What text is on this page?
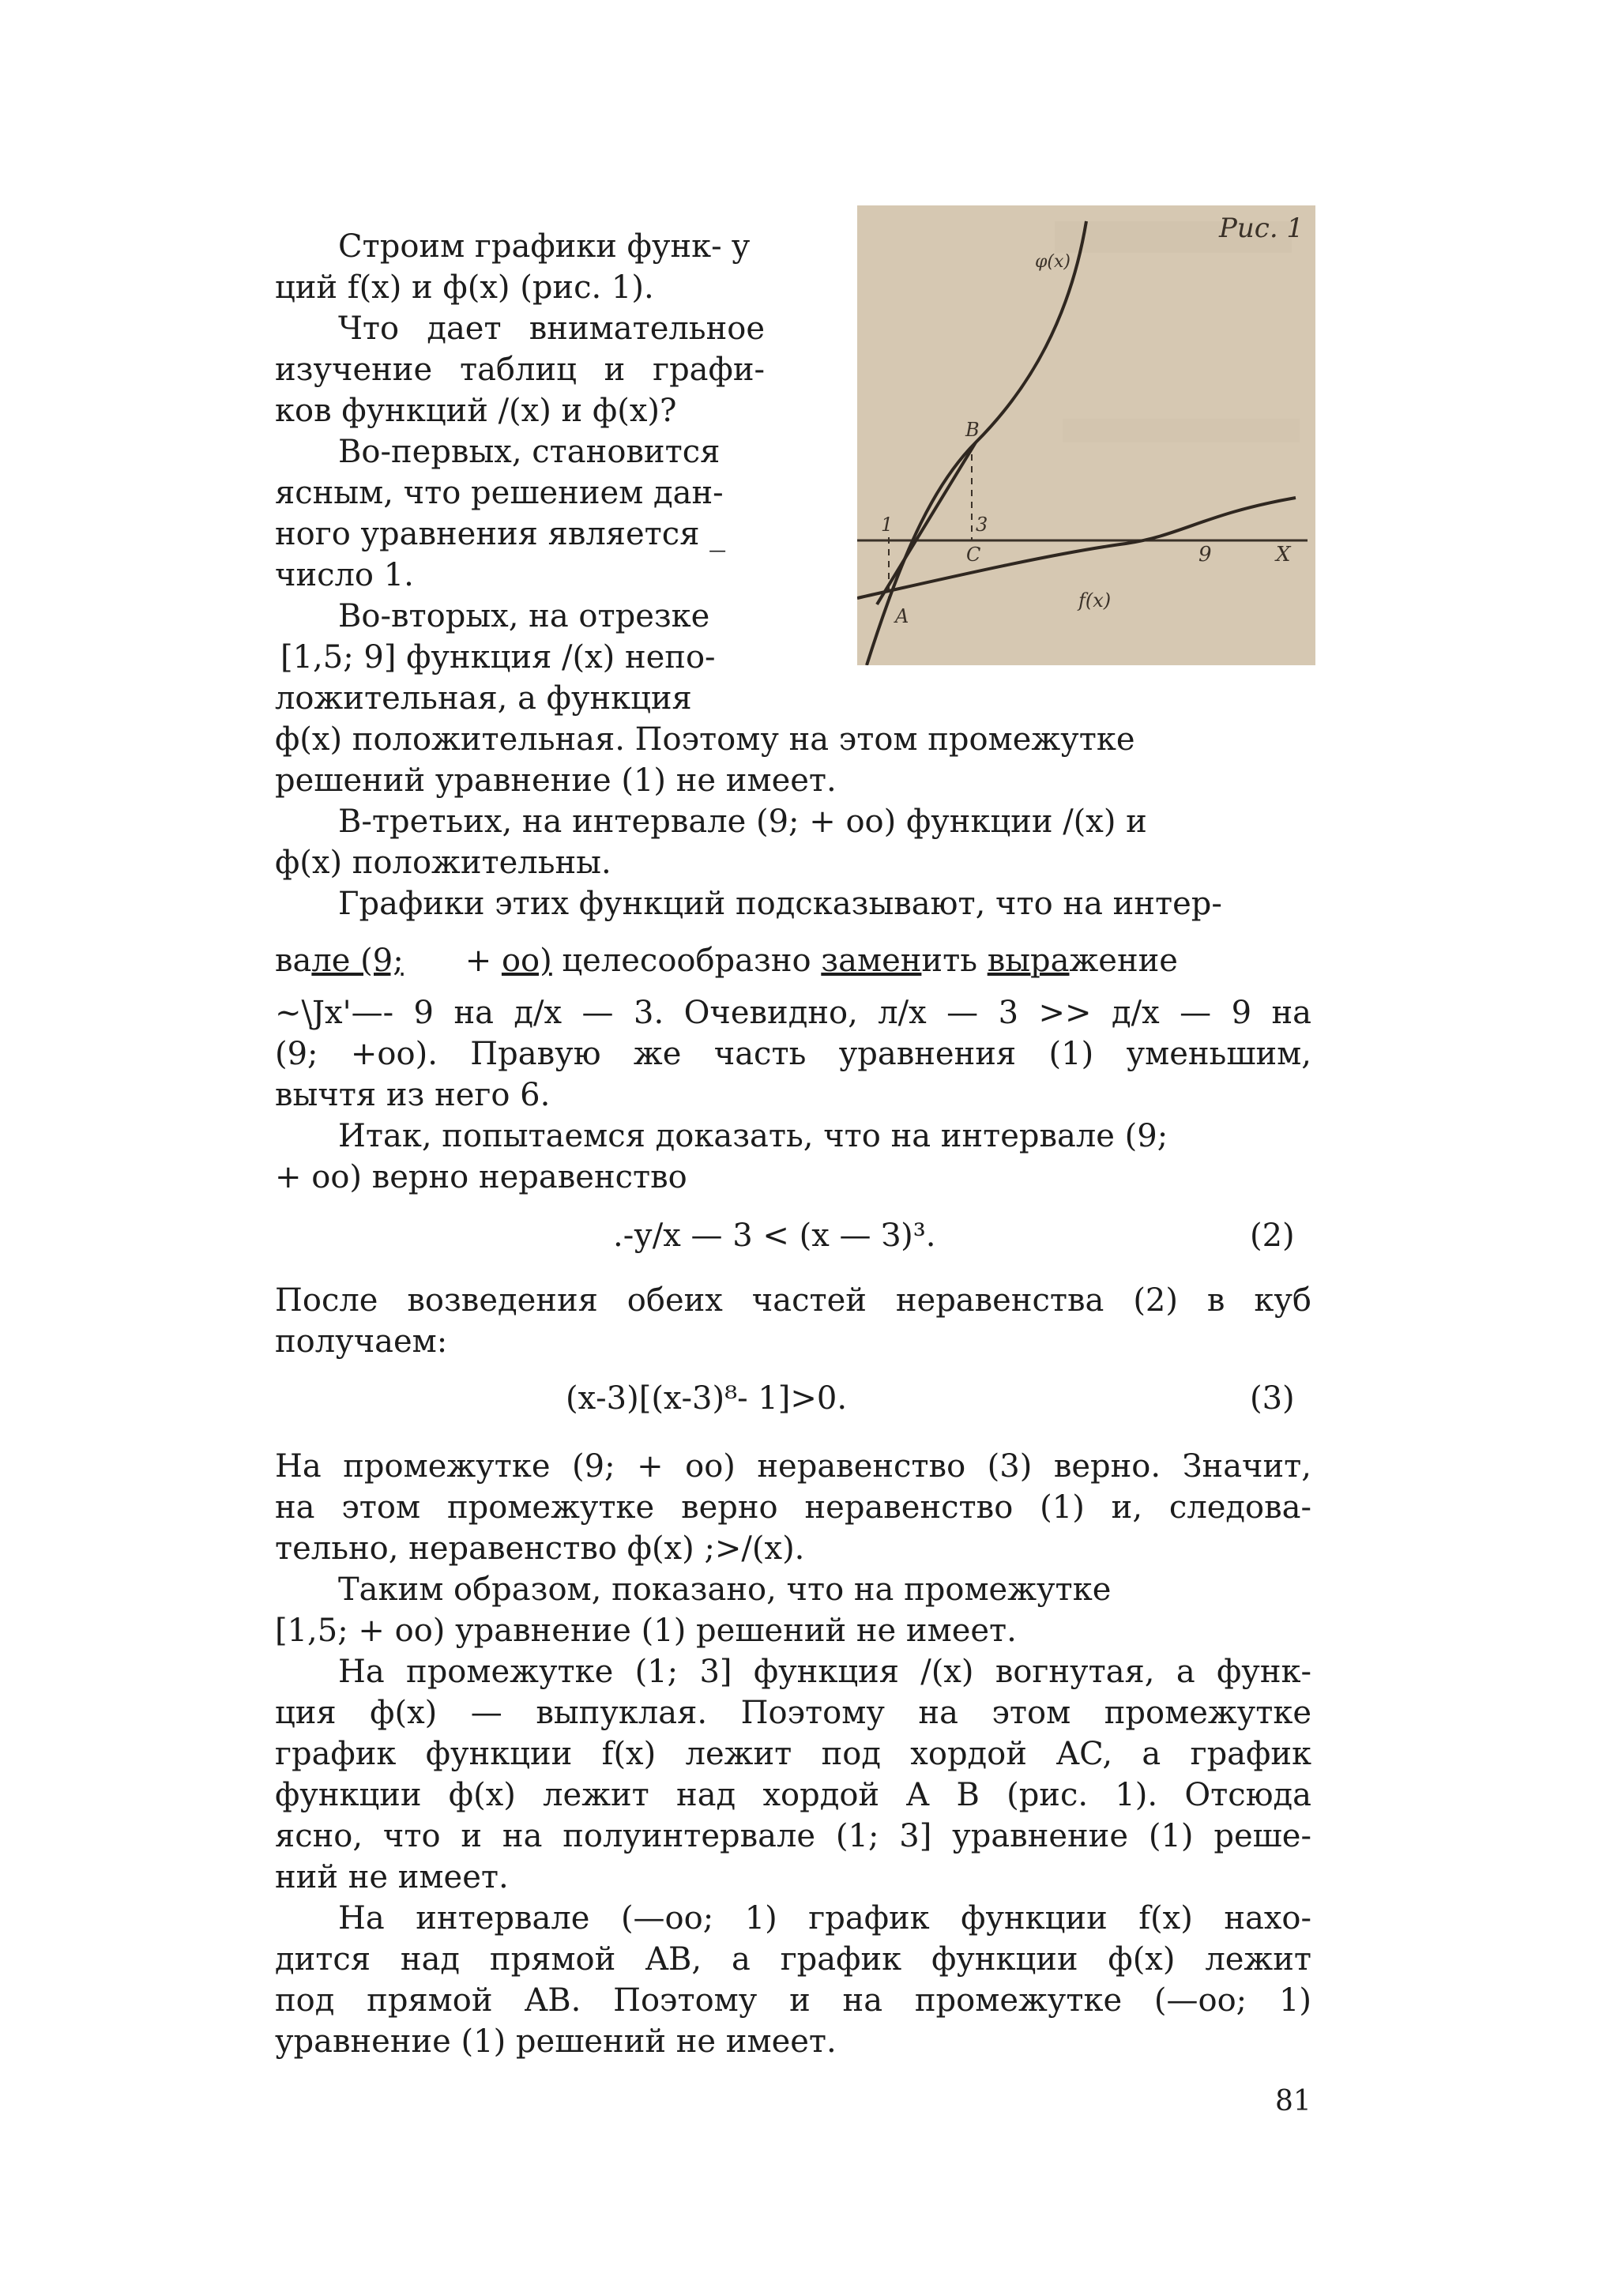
Рис. 1
φ(x)
B
3
1
C	9	X
f(x)
A
Строим графики функ- y
ций f(x) и ф(х) (рис. 1).
Что дает внимательное
изучение таблиц и графи-
ков функций /(х) и ф(х)?
Во-первых, становится
ясным, что решением дан-
ного уравнения является _
число 1.
Во-вторых, на отрезке
[1,5; 9] функция /(х) непо-
ложительная, а функция
ф(х) положительная. Поэтому на этом промежутке
решений уравнение (1) не имеет.
В-третьих, на интервале (9; + оо) функции /(х) и
ф(х) положительны.
Графики этих функций подсказывают, что на интер-
вале (9; + оо) целесообразно заменить выражение
~\Jx'—- 9 на д/х — 3. Очевидно, л/х — 3 >> д/х — 9 на
(9; +оо). Правую же часть уравнения (1) уменьшим,
вычтя из него 6.
Итак, попытаемся доказать, что на интервале (9;
+ оо) верно неравенство
.-у/х — 3 < (х — З)³.	(2)
После возведения обеих частей неравенства (2) в куб
получаем:
(х-3)[(х-3)⁸- 1]>0.	(3)
На промежутке (9; + оо) неравенство (3) верно. Значит,
на этом промежутке верно неравенство (1) и, следова-
тельно, неравенство ф(х) ;>/(х).
Таким образом, показано, что на промежутке
[1,5; + оо) уравнение (1) решений не имеет.
На промежутке (1; 3] функция /(х) вогнутая, а функ-
ция ф(х) — выпуклая. Поэтому на этом промежутке
график функции f(x) лежит под хордой AC, а график
функции ф(х) лежит над хордой A B (рис. 1). Отсюда
ясно, что и на полуинтервале (1; 3] уравнение (1) реше-
ний не имеет.
На интервале (—оо; 1) график функции f(x) нахо-
дится над прямой AB, а график функции ф(х) лежит
под прямой AB. Поэтому и на промежутке (—оо; 1)
уравнение (1) решений не имеет.
81
